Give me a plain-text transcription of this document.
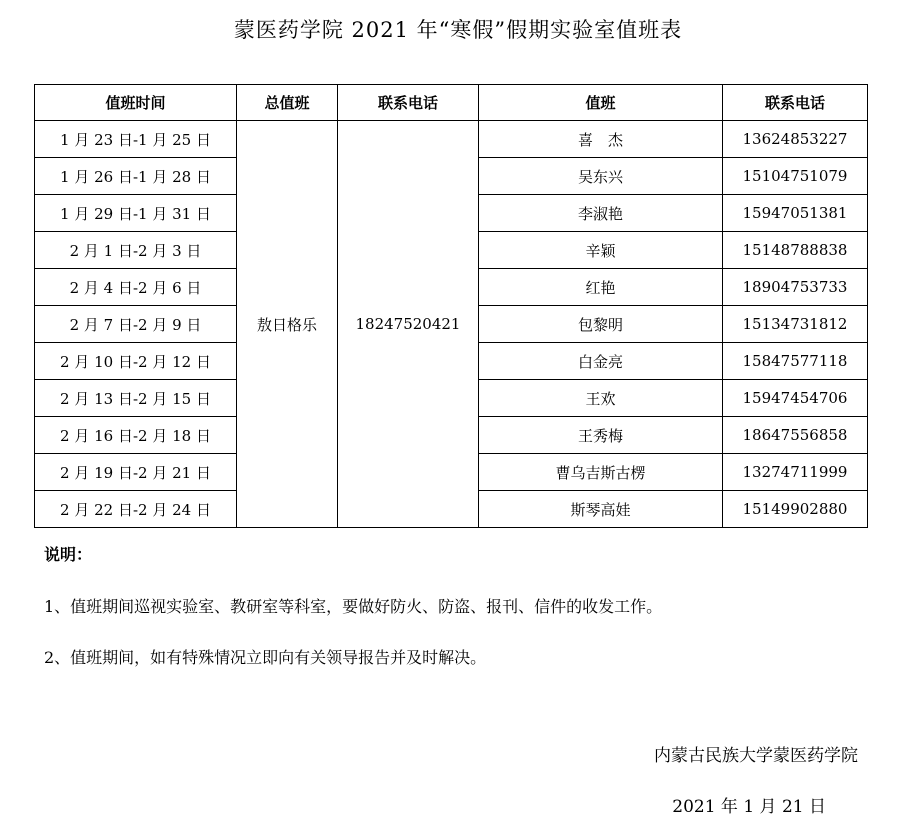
蒙医药学院 2021 年“寒假”假期实验室值班表
值班时间	总值班	联系电话	值班	联系电话
1 月 23 日-1 月 25 日	敖日格乐	18247520421	喜　杰	13624853227
1 月 26 日-1 月 28 日			吴东兴	15104751079
1 月 29 日-1 月 31 日			李淑艳	15947051381
2 月 1 日-2 月 3 日			辛颖	15148788838
2 月 4 日-2 月 6 日			红艳	18904753733
2 月 7 日-2 月 9 日			包黎明	15134731812
2 月 10 日-2 月 12 日			白金亮	15847577118
2 月 13 日-2 月 15 日			王欢	15947454706
2 月 16 日-2 月 18 日			王秀梅	18647556858
2 月 19 日-2 月 21 日			曹乌吉斯古楞	13274711999
2 月 22 日-2 月 24 日			斯琴高娃	15149902880
说明：
1、值班期间巡视实验室、教研室等科室，要做好防火、防盗、报刊、信件的收发工作。
2、值班期间，如有特殊情况立即向有关领导报告并及时解决。
内蒙古民族大学蒙医药学院
2021 年 1 月 21 日
